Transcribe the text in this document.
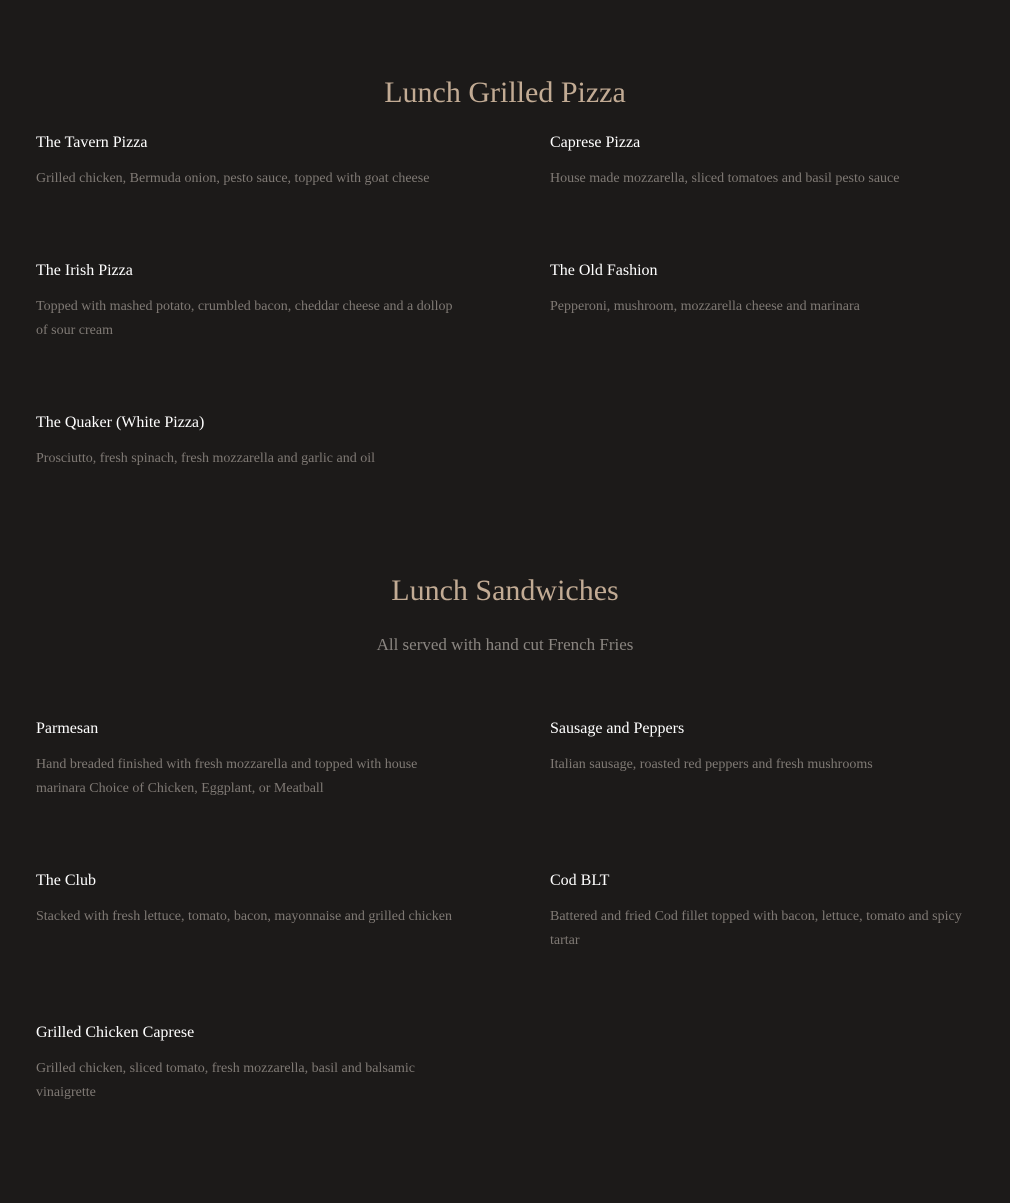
Lunch Grilled Pizza
The Tavern Pizza

Grilled chicken, Bermuda onion, pesto sauce, topped with goat cheese

Caprese Pizza

House made mozzarella, sliced tomatoes and basil pesto sauce

The Irish Pizza

Topped with mashed potato, crumbled bacon, cheddar cheese and a dollop of sour cream

The Old Fashion

Pepperoni, mushroom, mozzarella cheese and marinara

The Quaker (White Pizza)

Prosciutto, fresh spinach, fresh mozzarella and garlic and oil

Lunch Sandwiches

All served with hand cut French Fries

Parmesan

Hand breaded finished with fresh mozzarella and topped with house marinara Choice of Chicken, Eggplant, or Meatball

Sausage and Peppers

Italian sausage, roasted red peppers and fresh mushrooms

The Club

Stacked with fresh lettuce, tomato, bacon, mayonnaise and grilled chicken

Cod BLT

Battered and fried Cod fillet topped with bacon, lettuce, tomato and spicy tartar

Grilled Chicken Caprese

Grilled chicken, sliced tomato, fresh mozzarella, basil and balsamic vinaigrette
